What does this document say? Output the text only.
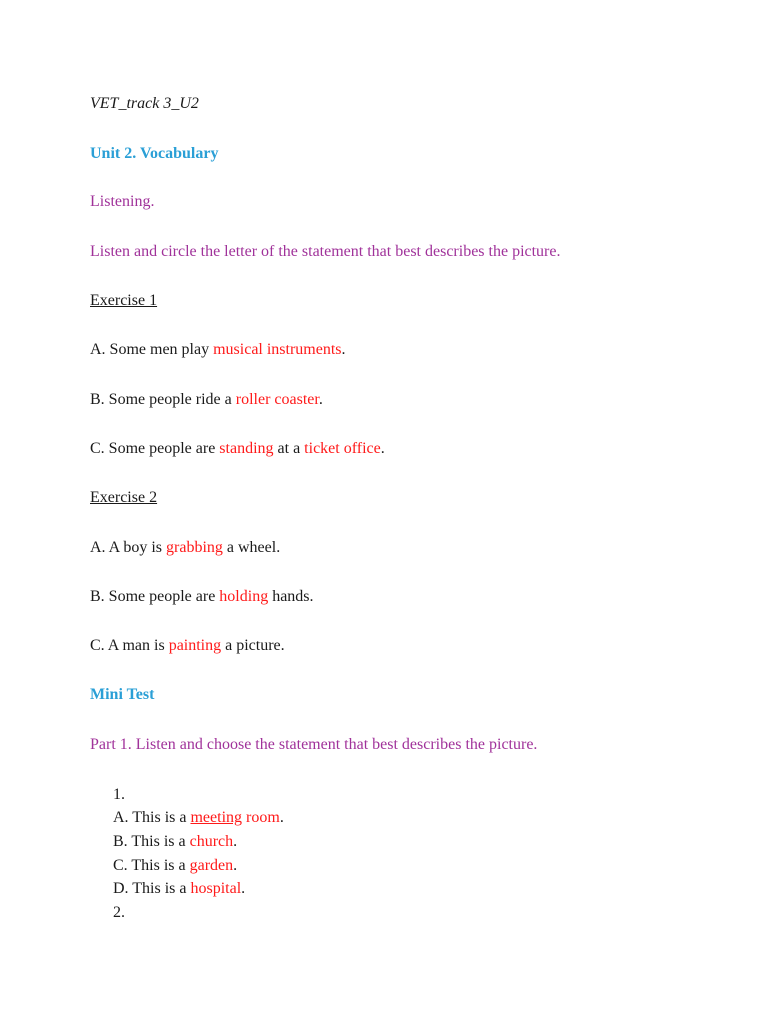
VET_track 3_U2
Unit 2. Vocabulary
Listening.
Listen and circle the letter of the statement that best describes the picture.
Exercise 1
A. Some men play musical instruments.
B. Some people ride a roller coaster.
C. Some people are standing at a ticket office.
Exercise 2
A. A boy is grabbing a wheel.
B. Some people are holding hands.
C. A man is painting a picture.
Mini Test
Part 1. Listen and choose the statement that best describes the picture.
1.
A. This is a meeting room.
B. This is a church.
C. This is a garden.
D. This is a hospital.
2.
